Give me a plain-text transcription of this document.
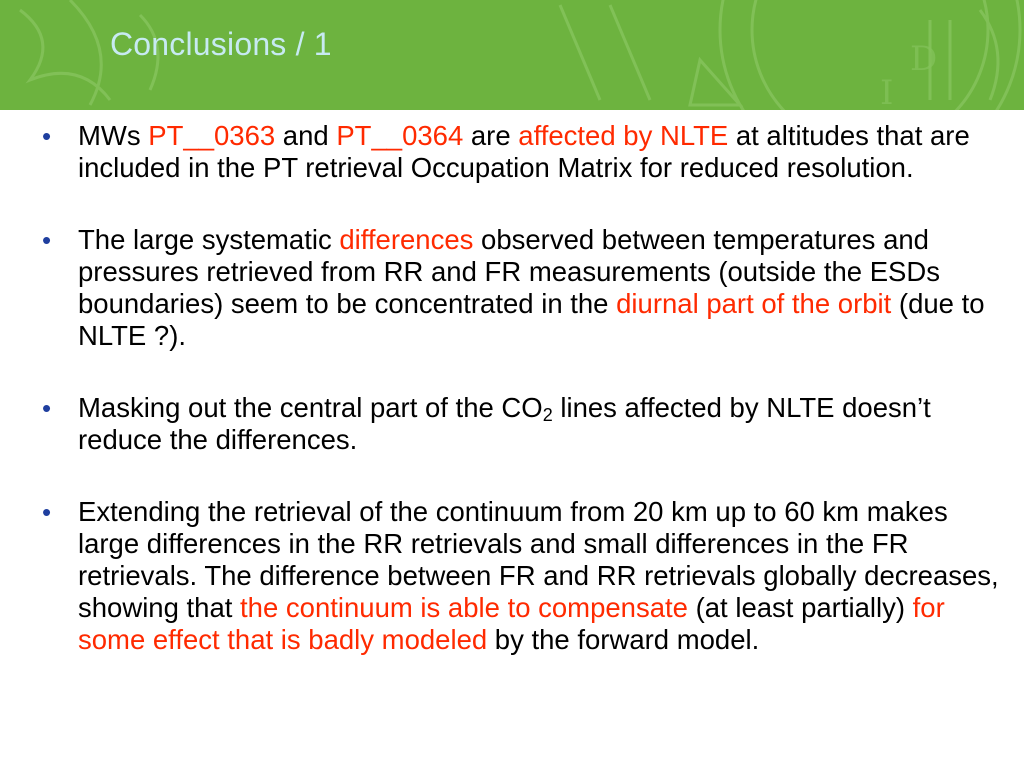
D
I
Conclusions / 1
• MWs PT__0363 and PT__0364 are affected by NLTE at altitudes that are included in the PT retrieval Occupation Matrix for reduced resolution.
• The large systematic differences observed between temperatures and pressures retrieved from RR and FR measurements (outside the ESDs boundaries) seem to be concentrated in the diurnal part of the orbit (due to NLTE ?).
• Masking out the central part of the $CO_2$ lines affected by NLTE doesn’t reduce the differences.
• Extending the retrieval of the continuum from 20 km up to 60 km makes large differences in the RR retrievals and small differences in the FR retrievals. The difference between FR and RR retrievals globally decreases, showing that the continuum is able to compensate (at least partially) for some effect that is badly modeled by the forward model.
